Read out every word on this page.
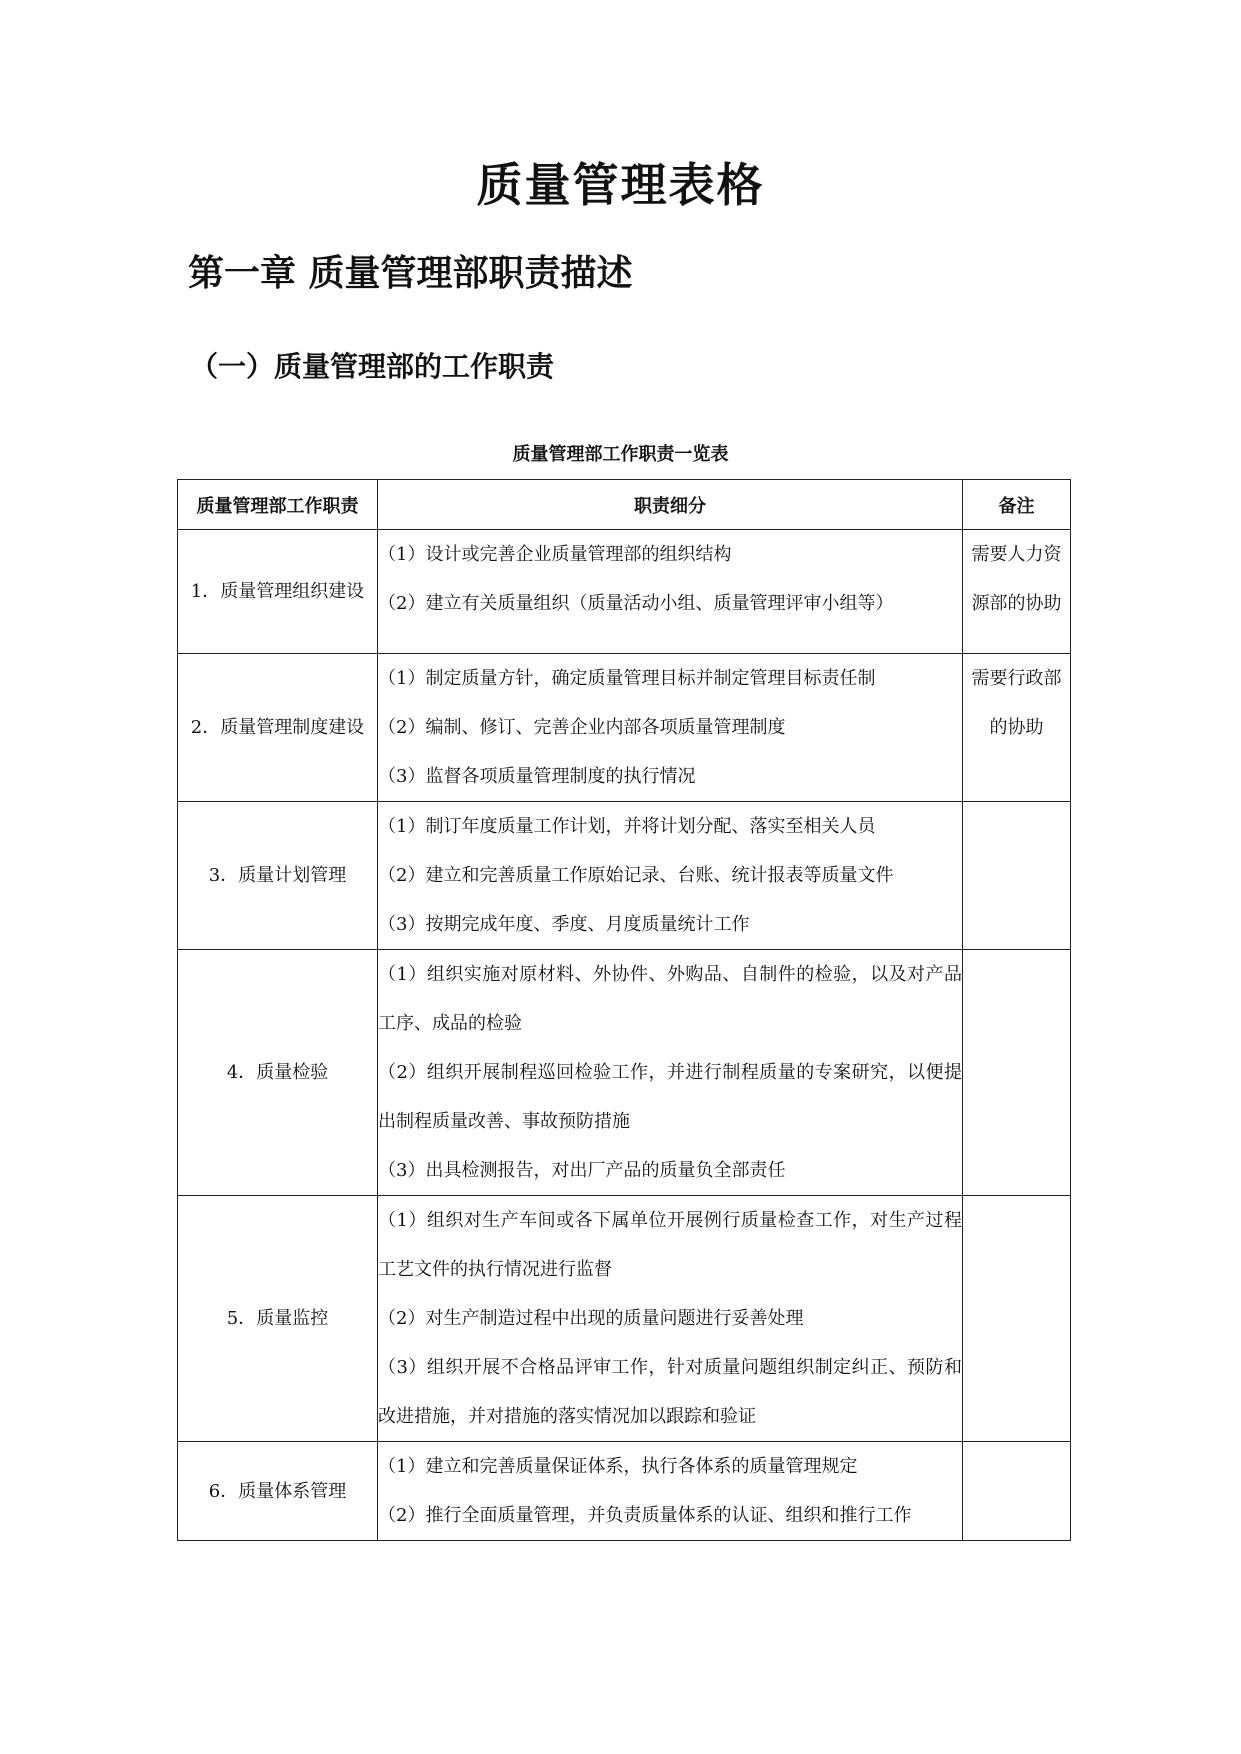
质量管理表格
第一章 质量管理部职责描述
（一）质量管理部的工作职责
质量管理部工作职责一览表
质量管理部工作职责	职责细分	备注
1．质量管理组织建设	（1）设计或完善企业质量管理部的组织结构
（2）建立有关质量组织（质量活动小组、质量管理评审小组等）	需要人力资源部的协助
2．质量管理制度建设	（1）制定质量方针，确定质量管理目标并制定管理目标责任制
（2）编制、修订、完善企业内部各项质量管理制度
（3）监督各项质量管理制度的执行情况	需要行政部的协助
3．质量计划管理	（1）制订年度质量工作计划，并将计划分配、落实至相关人员
（2）建立和完善质量工作原始记录、台账、统计报表等质量文件
（3）按期完成年度、季度、月度质量统计工作	

4．质量检验	（1）组织实施对原材料、外协件、外购品、自制件的检验，以及对产品工序、成品的检验
（2）组织开展制程巡回检验工作，并进行制程质量的专案研究，以便提出制程质量改善、事故预防措施
（3）出具检测报告，对出厂产品的质量负全部责任	

5．质量监控	（1）组织对生产车间或各下属单位开展例行质量检查工作，对生产过程工艺文件的执行情况进行监督
（2）对生产制造过程中出现的质量问题进行妥善处理
（3）组织开展不合格品评审工作，针对质量问题组织制定纠正、预防和改进措施，并对措施的落实情况加以跟踪和验证	

6．质量体系管理	（1）建立和完善质量保证体系，执行各体系的质量管理规定
（2）推行全面质量管理，并负责质量体系的认证、组织和推行工作	
